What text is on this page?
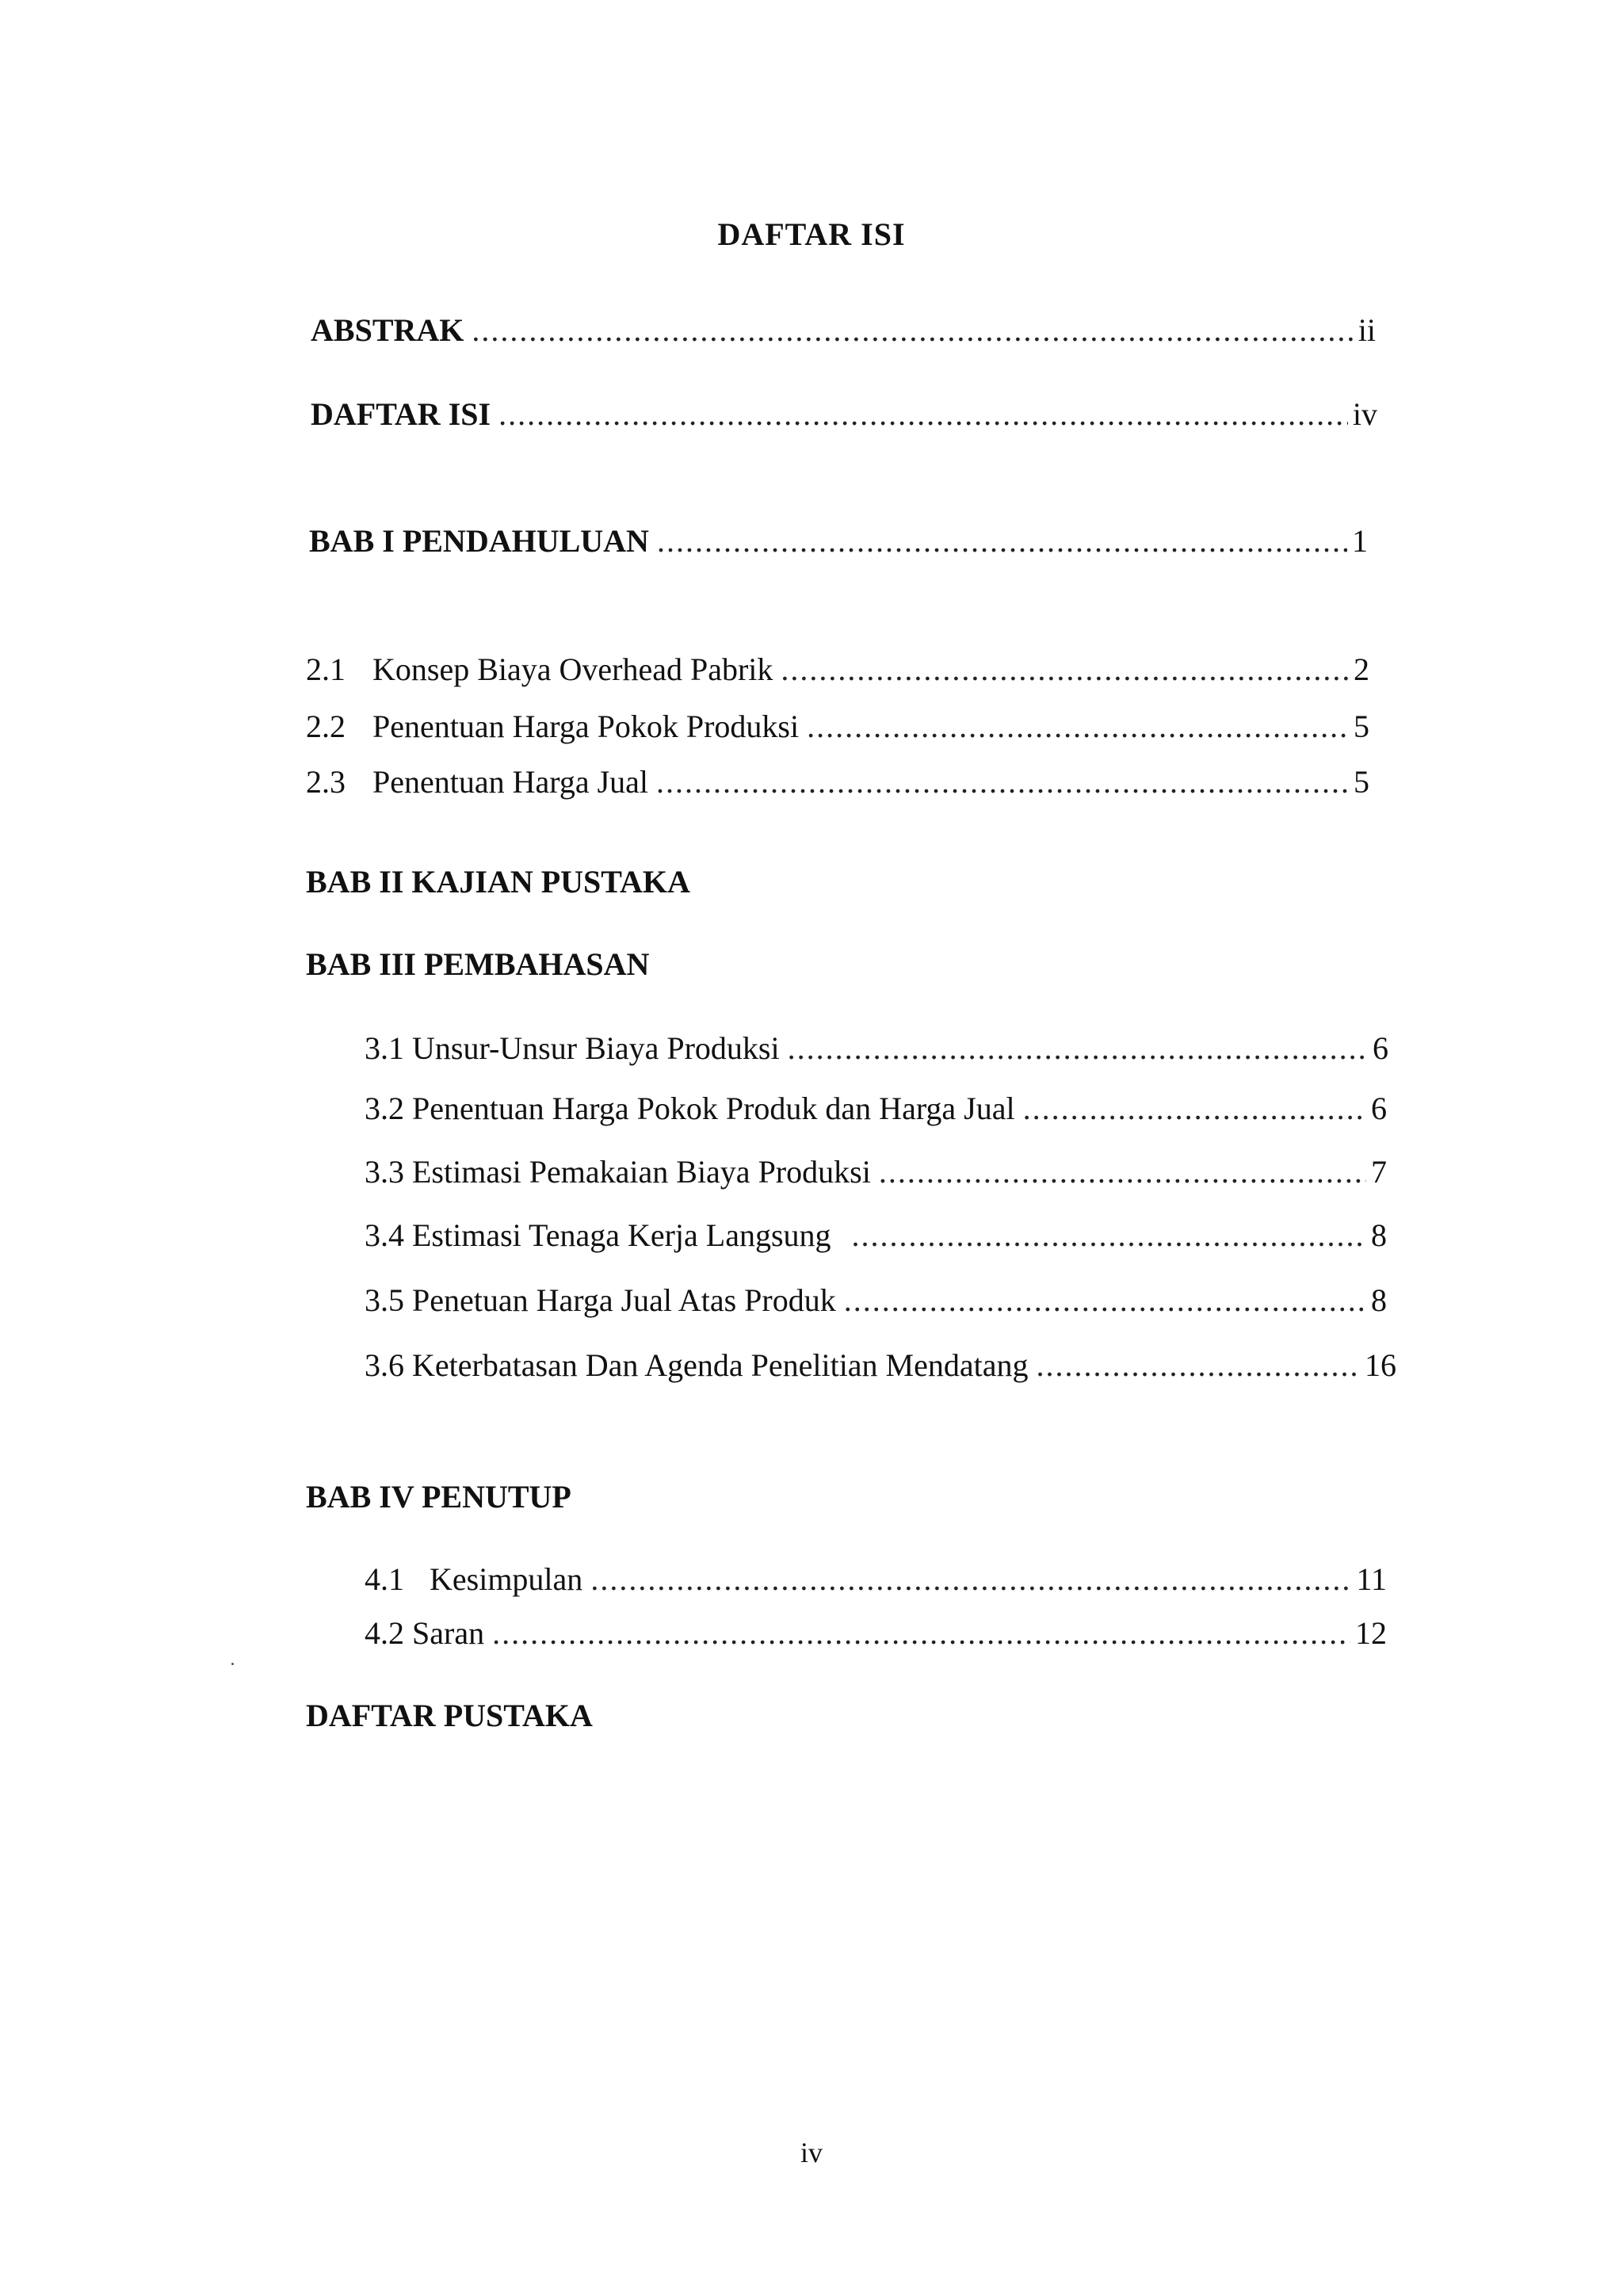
DAFTAR ISI
ABSTRAK .....	ii
DAFTAR ISI .....	iv
BAB I PENDAHULUAN .....	1
2.1 Konsep Biaya Overhead Pabrik .....	2
2.2 Penentuan Harga Pokok Produksi .....	5
2.3 Penentuan Harga Jual .....	5
BAB II KAJIAN PUSTAKA
BAB III PEMBAHASAN
3.1 Unsur-Unsur Biaya Produksi .....	6
3.2 Penentuan Harga Pokok Produk dan Harga Jual .....	6
3.3 Estimasi Pemakaian Biaya Produksi .....	7
3.4 Estimasi Tenaga Kerja Langsung .....	8
3.5 Penetuan Harga Jual Atas Produk .....	8
3.6 Keterbatasan Dan Agenda Penelitian Mendatang .....	16
BAB IV PENUTUP
4.1 Kesimpulan .....	11
4.2 Saran .....	12
DAFTAR PUSTAKA
iv
